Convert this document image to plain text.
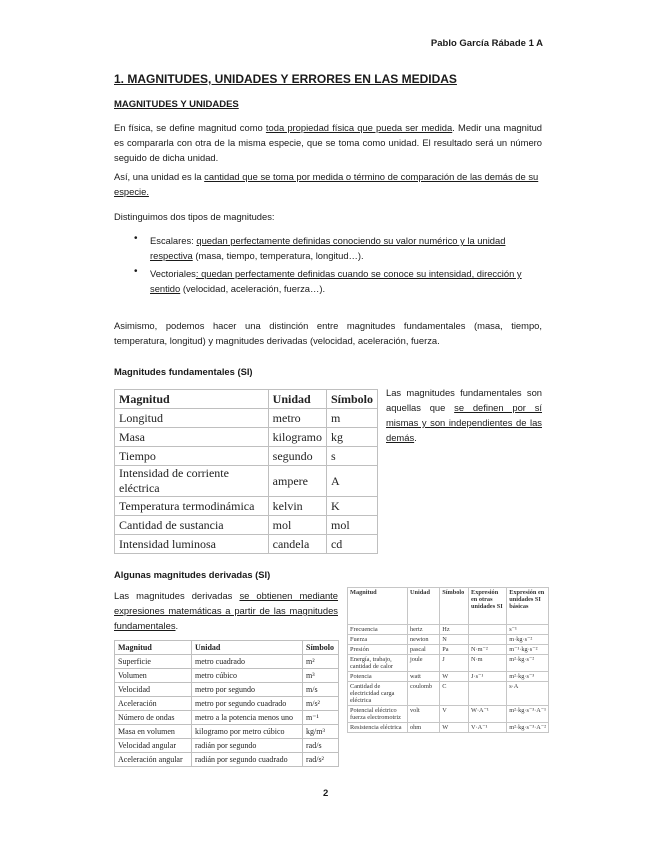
Pablo García Rábade 1 A
1. MAGNITUDES, UNIDADES Y ERRORES EN LAS MEDIDAS
MAGNITUDES Y UNIDADES

En física, se define magnitud como toda propiedad física que pueda ser medida. Medir una magnitud es compararla con otra de la misma especie, que se toma como unidad. El resultado será un número seguido de dicha unidad.

Así, una unidad es la cantidad que se toma por medida o término de comparación de las demás de su especie.

Distinguimos dos tipos de magnitudes:

• Escalares: quedan perfectamente definidas conociendo su valor numérico y la unidad respectiva (masa, tiempo, temperatura, longitud…).

• Vectoriales: quedan perfectamente definidas cuando se conoce su intensidad, dirección y sentido (velocidad, aceleración, fuerza…).

Asimismo, podemos hacer una distinción entre magnitudes fundamentales (masa, tiempo, temperatura, longitud) y magnitudes derivadas (velocidad, aceleración, fuerza.

Magnitudes fundamentales (SI)
Magnitud	Unidad	Símbolo
Longitud	metro	m
Masa	kilogramo	kg
Tiempo	segundo	s
Intensidad de corriente eléctrica	ampere	A
Temperatura termodinámica	kelvin	K
Cantidad de sustancia	mol	mol
Intensidad luminosa	candela	cd

Las magnitudes fundamentales son aquellas que se definen por sí mismas y son independientes de las demás.

Algunas magnitudes derivadas (SI)

Las magnitudes derivadas se obtienen mediante expresiones matemáticas a partir de las magnitudes fundamentales.

Magnitud	Unidad	Símbolo
Superficie	metro cuadrado	m²
Volumen	metro cúbico	m³
Velocidad	metro por segundo	m/s
Aceleración	metro por segundo cuadrado	m/s²
Número de ondas	metro a la potencia menos uno	m⁻¹
Masa en volumen	kilogramo por metro cúbico	kg/m³
Velocidad angular	radián por segundo	rad/s
Aceleración angular	radián por segundo cuadrado	rad/s²
Magnitud	Unidad	Símbolo	Expresión en otras unidades SI	Expresión en unidades SI básicas
Frecuencia	hertz	Hz		s⁻¹
Fuerza	newton	N		m·kg·s⁻²
Presión	pascal	Pa	N·m⁻²	m⁻¹·kg·s⁻²
Energía, trabajo, cantidad de calor	joule	J	N·m	m²·kg·s⁻²
Potencia	watt	W	J·s⁻¹	m²·kg·s⁻³
Cantidad de electricidad carga eléctrica	coulomb	C		s·A
Potencial eléctrico fuerza electromotriz	volt	V	W·A⁻¹	m²·kg·s⁻³·A⁻¹
Resistencia eléctrica	ohm	W	V·A⁻¹	m²·kg·s⁻³·A⁻²
2
